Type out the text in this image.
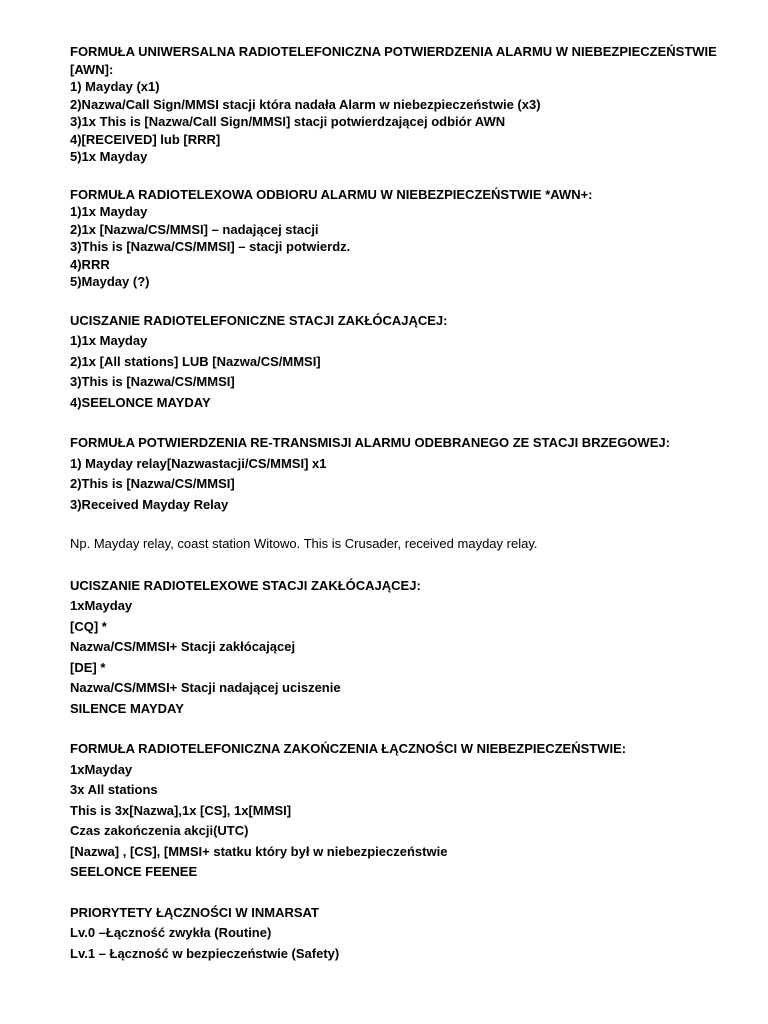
FORMUŁA UNIWERSALNA RADIOTELEFONICZNA POTWIERDZENIA ALARMU W NIEBEZPIECZEŃSTWIE

[AWN]:

1) Mayday (x1)

2)Nazwa/Call Sign/MMSI stacji która nadała Alarm w niebezpieczeństwie (x3)

3)1x This is [Nazwa/Call Sign/MMSI] stacji potwierdzającej odbiór AWN

4)[RECEIVED] lub [RRR]

5)1x Mayday

FORMUŁA RADIOTELEXOWA ODBIORU ALARMU W NIEBEZPIECZEŃSTWIE *AWN+:

1)1x Mayday

2)1x [Nazwa/CS/MMSI] – nadającej stacji

3)This is [Nazwa/CS/MMSI] – stacji potwierdz.

4)RRR

5)Mayday (?)

UCISZANIE RADIOTELEFONICZNE STACJI ZAKŁÓCAJĄCEJ:

1)1x Mayday

2)1x [All stations] LUB [Nazwa/CS/MMSI]

3)This is [Nazwa/CS/MMSI]

4)SEELONCE MAYDAY

FORMUŁA POTWIERDZENIA RE-TRANSMISJI ALARMU ODEBRANEGO ZE STACJI BRZEGOWEJ:

1) Mayday relay[Nazwastacji/CS/MMSI] x1

2)This is [Nazwa/CS/MMSI]

3)Received Mayday Relay

Np. Mayday relay, coast station Witowo. This is Crusader, received mayday relay.

UCISZANIE RADIOTELEXOWE STACJI ZAKŁÓCAJĄCEJ:

1xMayday

[CQ] *

Nazwa/CS/MMSI+ Stacji zakłócającej

[DE] *

Nazwa/CS/MMSI+ Stacji nadającej uciszenie

SILENCE MAYDAY

FORMUŁA RADIOTELEFONICZNA ZAKOŃCZENIA ŁĄCZNOŚCI W NIEBEZPIECZEŃSTWIE:

1xMayday

3x All stations

This is 3x[Nazwa],1x [CS], 1x[MMSI]

Czas zakończenia akcji(UTC)

[Nazwa] , [CS], [MMSI+ statku który był w niebezpieczeństwie

SEELONCE FEENEE

PRIORYTETY ŁĄCZNOŚCI W INMARSAT

Lv.0 –Łączność zwykła (Routine)

Lv.1 – Łączność w bezpieczeństwie (Safety)
